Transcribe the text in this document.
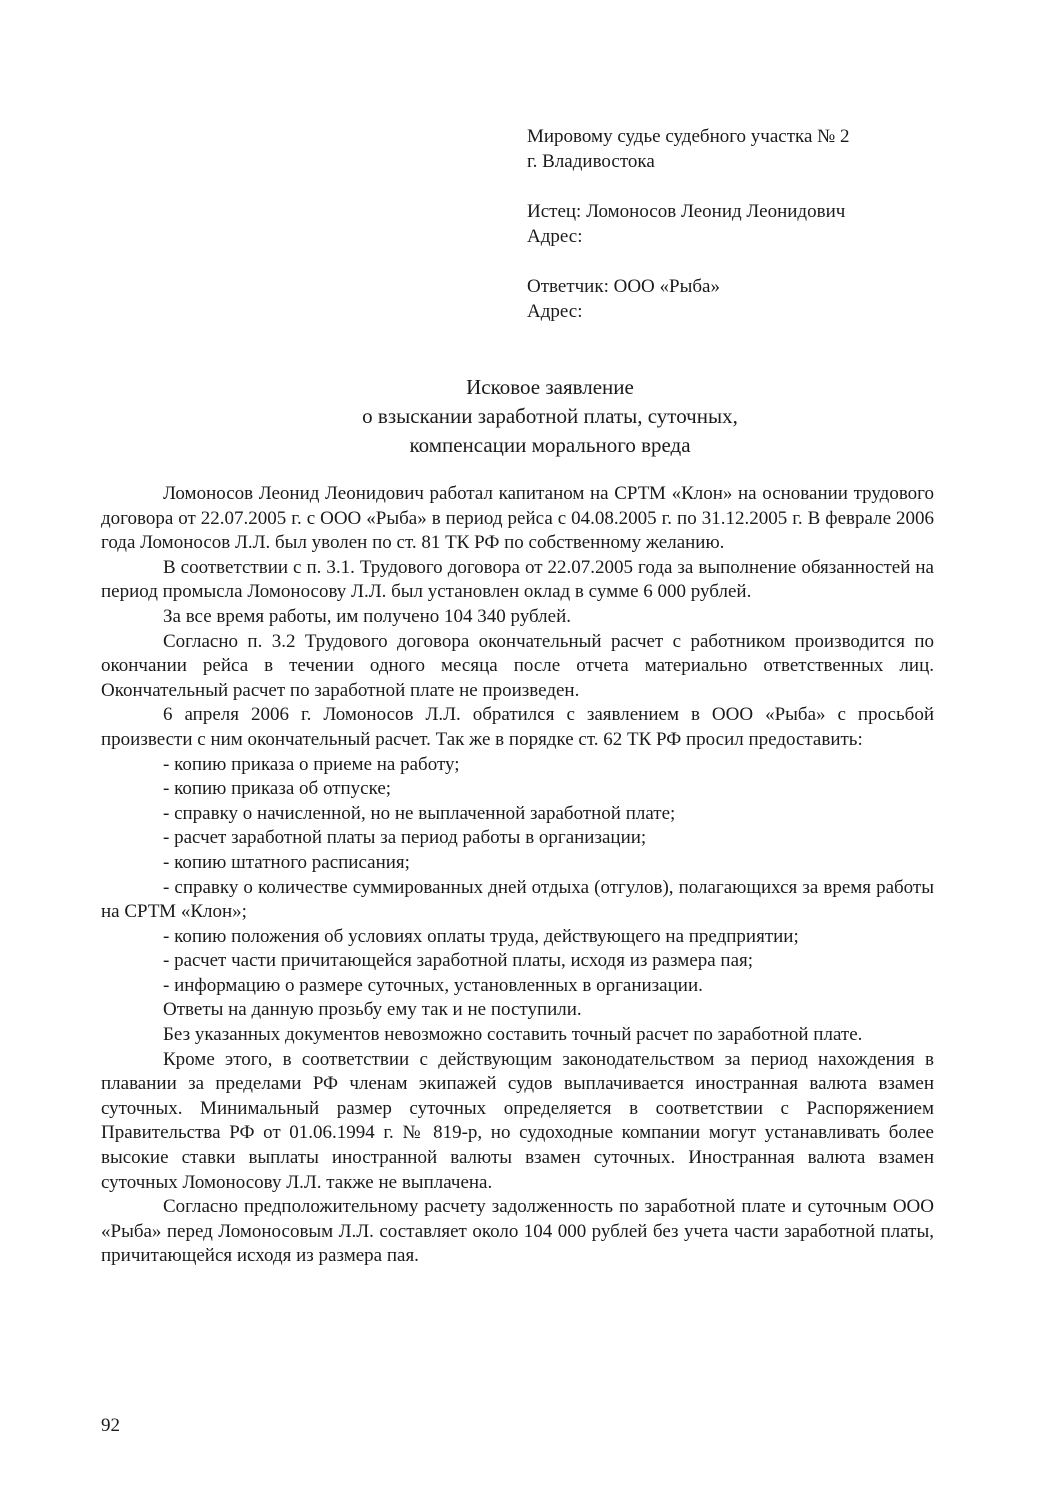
Мировому судье судебного участка № 2
г. Владивостока
Истец: Ломоносов Леонид Леонидович
Адрес:
Ответчик: ООО «Рыба»
Адрес:
Исковое заявление
о взыскании заработной платы, суточных,
компенсации морального вреда

Ломоносов Леонид Леонидович работал капитаном на СРТМ «Клон» на основании трудового договора от 22.07.2005 г. с ООО «Рыба» в период рейса с 04.08.2005 г. по 31.12.2005 г. В феврале 2006 года Ломоносов Л.Л. был уволен по ст. 81 ТК РФ по собственному желанию.

В соответствии с п. 3.1. Трудового договора от 22.07.2005 года за выполнение обязанностей на период промысла Ломоносову Л.Л. был установлен оклад в сумме 6 000 рублей.

За все время работы, им получено 104 340 рублей.

Согласно п. 3.2 Трудового договора окончательный расчет с работником производится по окончании рейса в течении одного месяца после отчета материально ответственных лиц. Окончательный расчет по заработной плате не произведен.

6 апреля 2006 г. Ломоносов Л.Л. обратился с заявлением в ООО «Рыба» с просьбой произвести с ним окончательный расчет. Так же в порядке ст. 62 ТК РФ просил предоставить:

- копию приказа о приеме на работу;

- копию приказа об отпуске;

- справку о начисленной, но не выплаченной заработной плате;

- расчет заработной платы за период работы в организации;

- копию штатного расписания;

- справку о количестве суммированных дней отдыха (отгулов), полагающихся за время работы на СРТМ «Клон»;

- копию положения об условиях оплаты труда, действующего на предприятии;

- расчет части причитающейся заработной платы, исходя из размера пая;

- информацию о размере суточных, установленных в организации.

Ответы на данную прозьбу ему так и не поступили.

Без указанных документов невозможно составить точный расчет по заработной плате.

Кроме этого, в соответствии с действующим законодательством за период нахождения в плавании за пределами РФ членам экипажей судов выплачивается иностранная валюта взамен суточных. Минимальный размер суточных определяется в соответствии с Распоряжением Правительства РФ от 01.06.1994 г. № 819-р, но судоходные компании могут устанавливать более высокие ставки выплаты иностранной валюты взамен суточных. Иностранная валюта взамен суточных Ломоносову Л.Л. также не выплачена.

Согласно предположительному расчету задолженность по заработной плате и суточным ООО «Рыба» перед Ломоносовым Л.Л. составляет около 104 000 рублей без учета части заработной платы, причитающейся исходя из размера пая.

92
